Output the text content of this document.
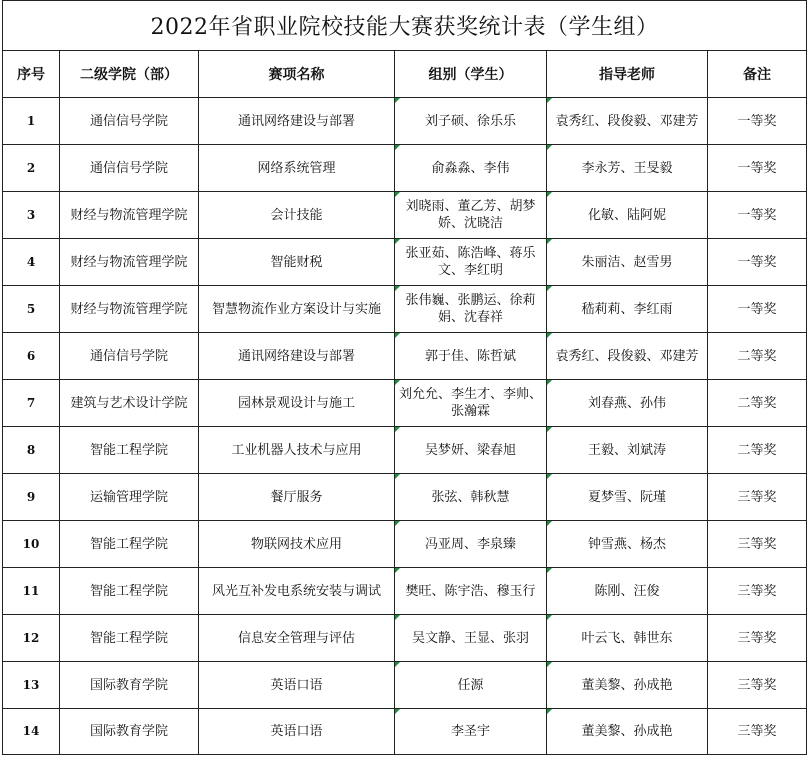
2022年省职业院校技能大赛获奖统计表（学生组）					
序号	二级学院（部）	赛项名称	组别（学生）	指导老师	备注
1	通信信号学院	通讯网络建设与部署	刘子硕、徐乐乐	袁秀红、段俊毅、邓建芳	一等奖
2	通信信号学院	网络系统管理	俞淼淼、李伟	李永芳、王旻毅	一等奖
3	财经与物流管理学院	会计技能	刘晓雨、董乙芳、胡梦娇、沈晓洁	化敏、陆阿妮	一等奖
4	财经与物流管理学院	智能财税	张亚茹、陈浩峰、蒋乐文、李红明	朱丽洁、赵雪男	一等奖
5	财经与物流管理学院	智慧物流作业方案设计与实施	张伟巍、张鹏运、徐莉娟、沈春祥	嵇莉莉、李红雨	一等奖
6	通信信号学院	通讯网络建设与部署	郭于佳、陈哲斌	袁秀红、段俊毅、邓建芳	二等奖
7	建筑与艺术设计学院	园林景观设计与施工	刘允允、李生才、李帅、张瀚霖	刘春燕、孙伟	二等奖
8	智能工程学院	工业机器人技术与应用	吴梦妍、梁春旭	王毅、刘斌涛	二等奖
9	运输管理学院	餐厅服务	张弦、韩秋慧	夏梦雪、阮瑾	三等奖
10	智能工程学院	物联网技术应用	冯亚周、李泉臻	钟雪燕、杨杰	三等奖
11	智能工程学院	风光互补发电系统安装与调试	樊旺、陈宇浩、穆玉行	陈刚、汪俊	三等奖
12	智能工程学院	信息安全管理与评估	吴文静、王显、张羽	叶云飞、韩世东	三等奖
13	国际教育学院	英语口语	任源	董美黎、孙成艳	三等奖
14	国际教育学院	英语口语	李圣宇	董美黎、孙成艳	三等奖
